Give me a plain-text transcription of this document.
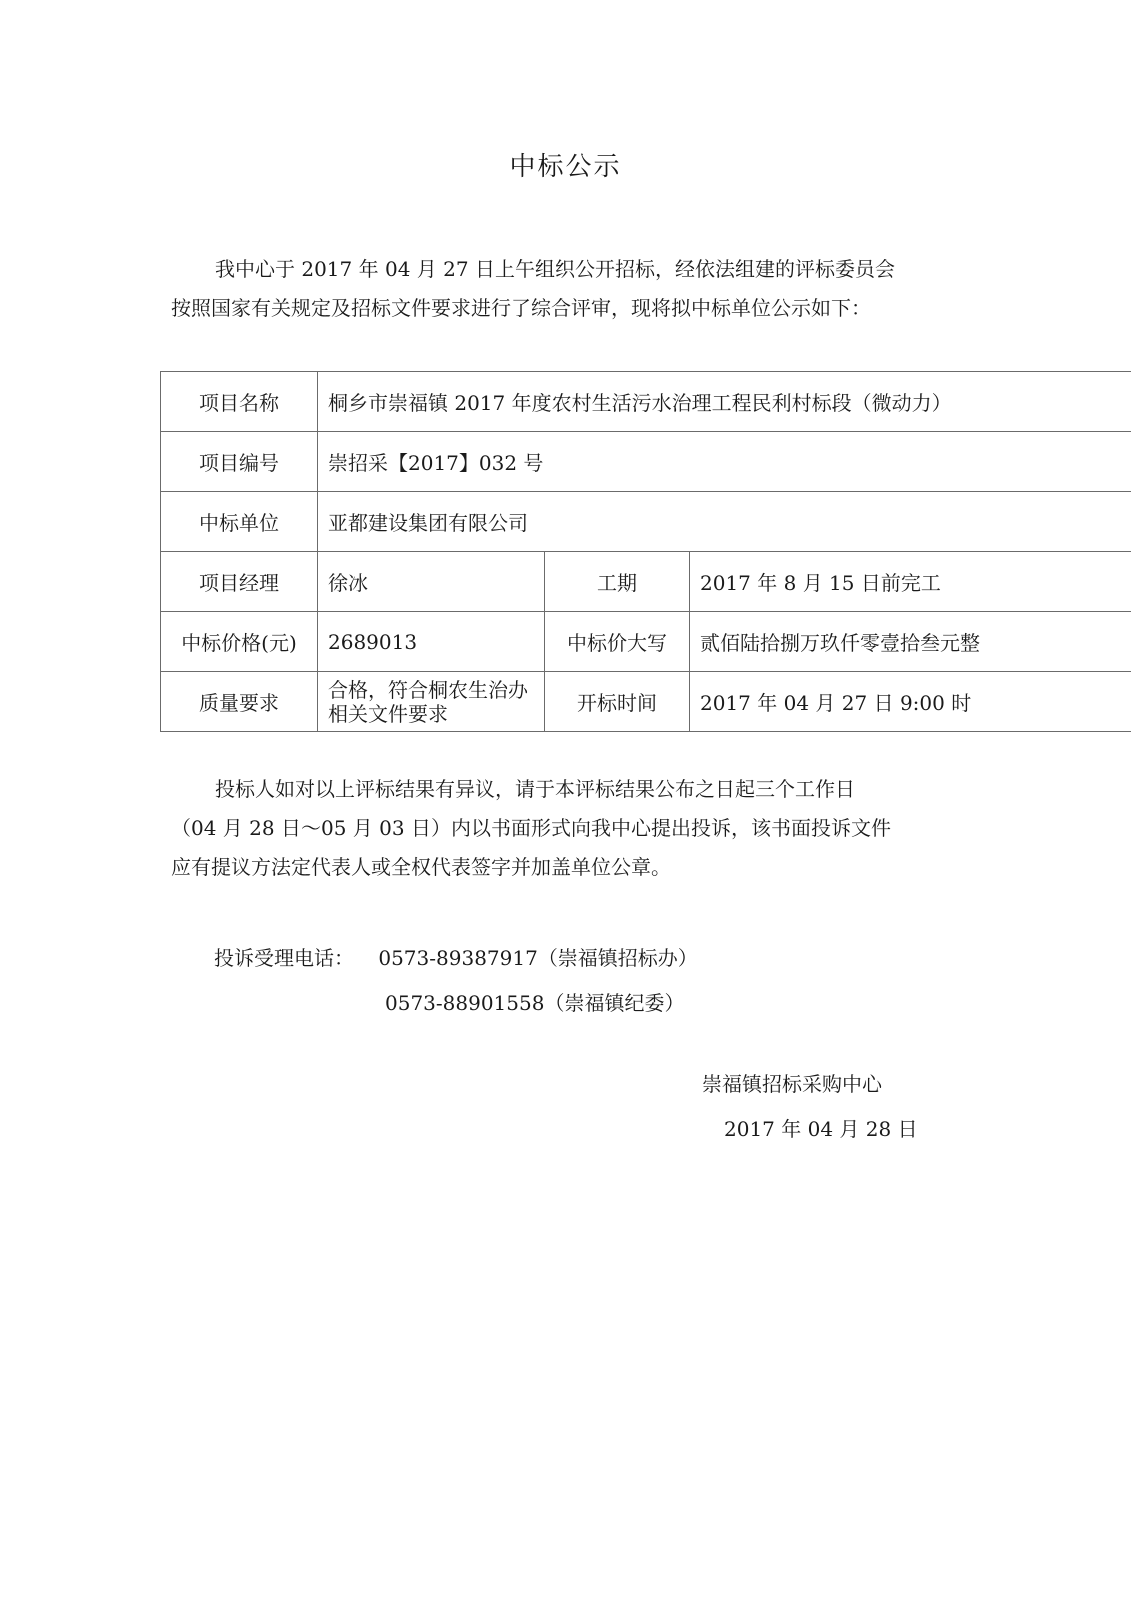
中标公示
我中心于 2017 年 04 月 27 日上午组织公开招标，经依法组建的评标委员会
按照国家有关规定及招标文件要求进行了综合评审，现将拟中标单位公示如下：
项目名称	桐乡市崇福镇 2017 年度农村生活污水治理工程民利村标段（微动力）		
项目编号	崇招采【2017】032 号		
中标单位	亚都建设集团有限公司		
项目经理	徐冰	工期	2017 年 8 月 15 日前完工
中标价格(元)	2689013	中标价大写	贰佰陆拾捌万玖仟零壹拾叁元整
质量要求	合格，符合桐农生治办相关文件要求	开标时间	2017 年 04 月 27 日 9:00 时
投标人如对以上评标结果有异议，请于本评标结果公布之日起三个工作日
（04 月 28 日～05 月 03 日）内以书面形式向我中心提出投诉，该书面投诉文件
应有提议方法定代表人或全权代表签字并加盖单位公章。
投诉受理电话： 0573-89387917（崇福镇招标办）
0573-88901558（崇福镇纪委）
崇福镇招标采购中心
2017 年 04 月 28 日
